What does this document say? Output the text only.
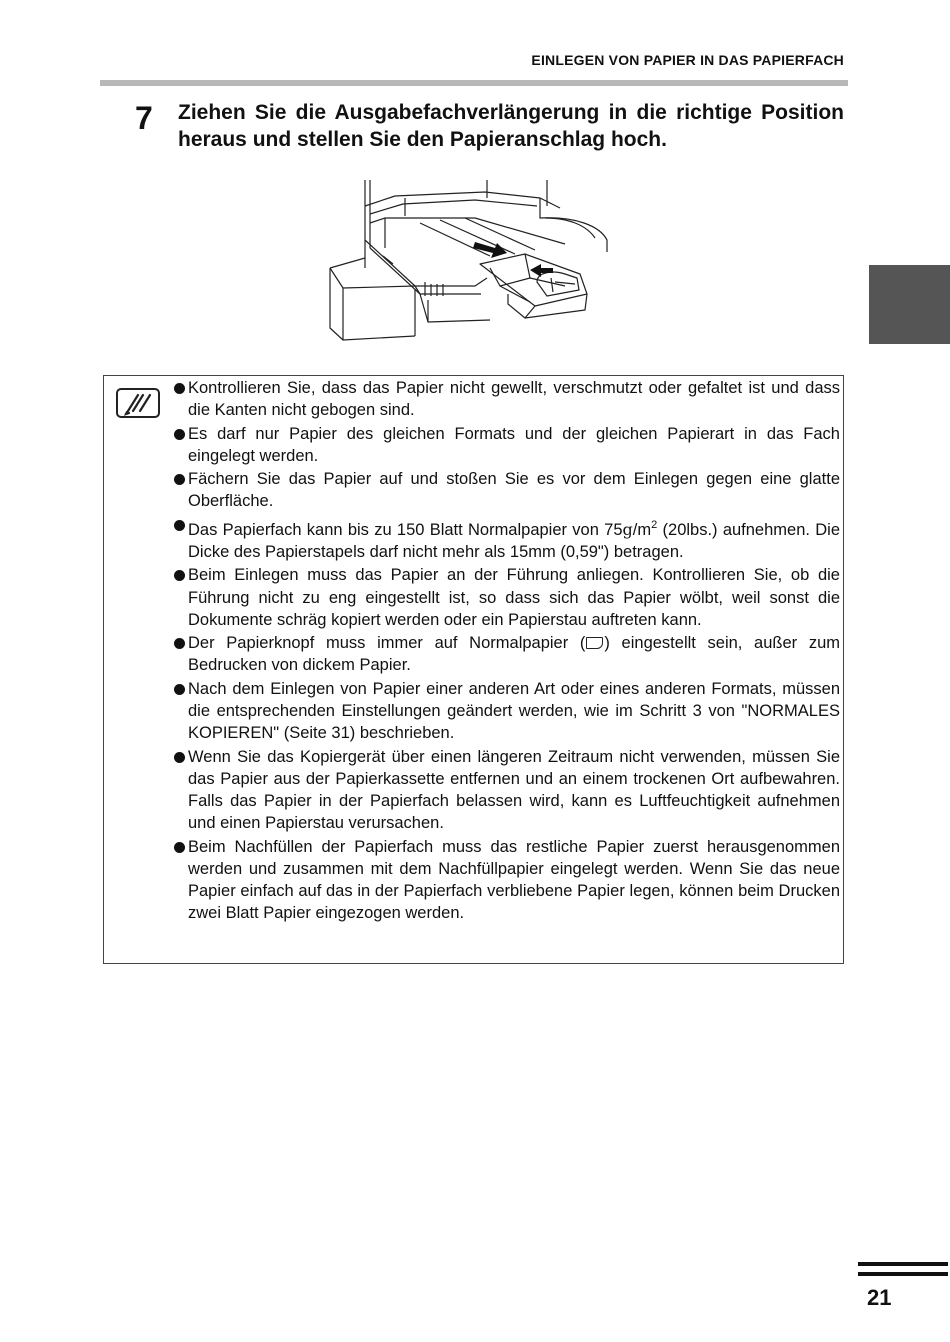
EINLEGEN VON PAPIER IN DAS PAPIERFACH
7 Ziehen Sie die Ausgabefachverlängerung in die richtige Position heraus und stellen Sie den Papieranschlag hoch.
Kontrollieren Sie, dass das Papier nicht gewellt, verschmutzt oder gefaltet ist und dass die Kanten nicht gebogen sind.
Es darf nur Papier des gleichen Formats und der gleichen Papierart in das Fach eingelegt werden.
Fächern Sie das Papier auf und stoßen Sie es vor dem Einlegen gegen eine glatte Oberfläche.
Das Papierfach kann bis zu 150 Blatt Normalpapier von $75g/m^2$ (20lbs.) aufnehmen. Die Dicke des Papierstapels darf nicht mehr als 15mm (0,59") betragen.
Beim Einlegen muss das Papier an der Führung anliegen. Kontrollieren Sie, ob die Führung nicht zu eng eingestellt ist, so dass sich das Papier wölbt, weil sonst die Dokumente schräg kopiert werden oder ein Papierstau auftreten kann.
Der Papierknopf muss immer auf Normalpapier ( ) eingestellt sein, außer zum Bedrucken von dickem Papier.
Nach dem Einlegen von Papier einer anderen Art oder eines anderen Formats, müssen die entsprechenden Einstellungen geändert werden, wie im Schritt 3 von "NORMALES KOPIEREN" (Seite 31) beschrieben.
Wenn Sie das Kopiergerät über einen längeren Zeitraum nicht verwenden, müssen Sie das Papier aus der Papierkassette entfernen und an einem trockenen Ort aufbewahren. Falls das Papier in der Papierfach belassen wird, kann es Luftfeuchtigkeit aufnehmen und einen Papierstau verursachen.
Beim Nachfüllen der Papierfach muss das restliche Papier zuerst herausgenommen werden und zusammen mit dem Nachfüllpapier eingelegt werden. Wenn Sie das neue Papier einfach auf das in der Papierfach verbliebene Papier legen, können beim Drucken zwei Blatt Papier eingezogen werden.
21
